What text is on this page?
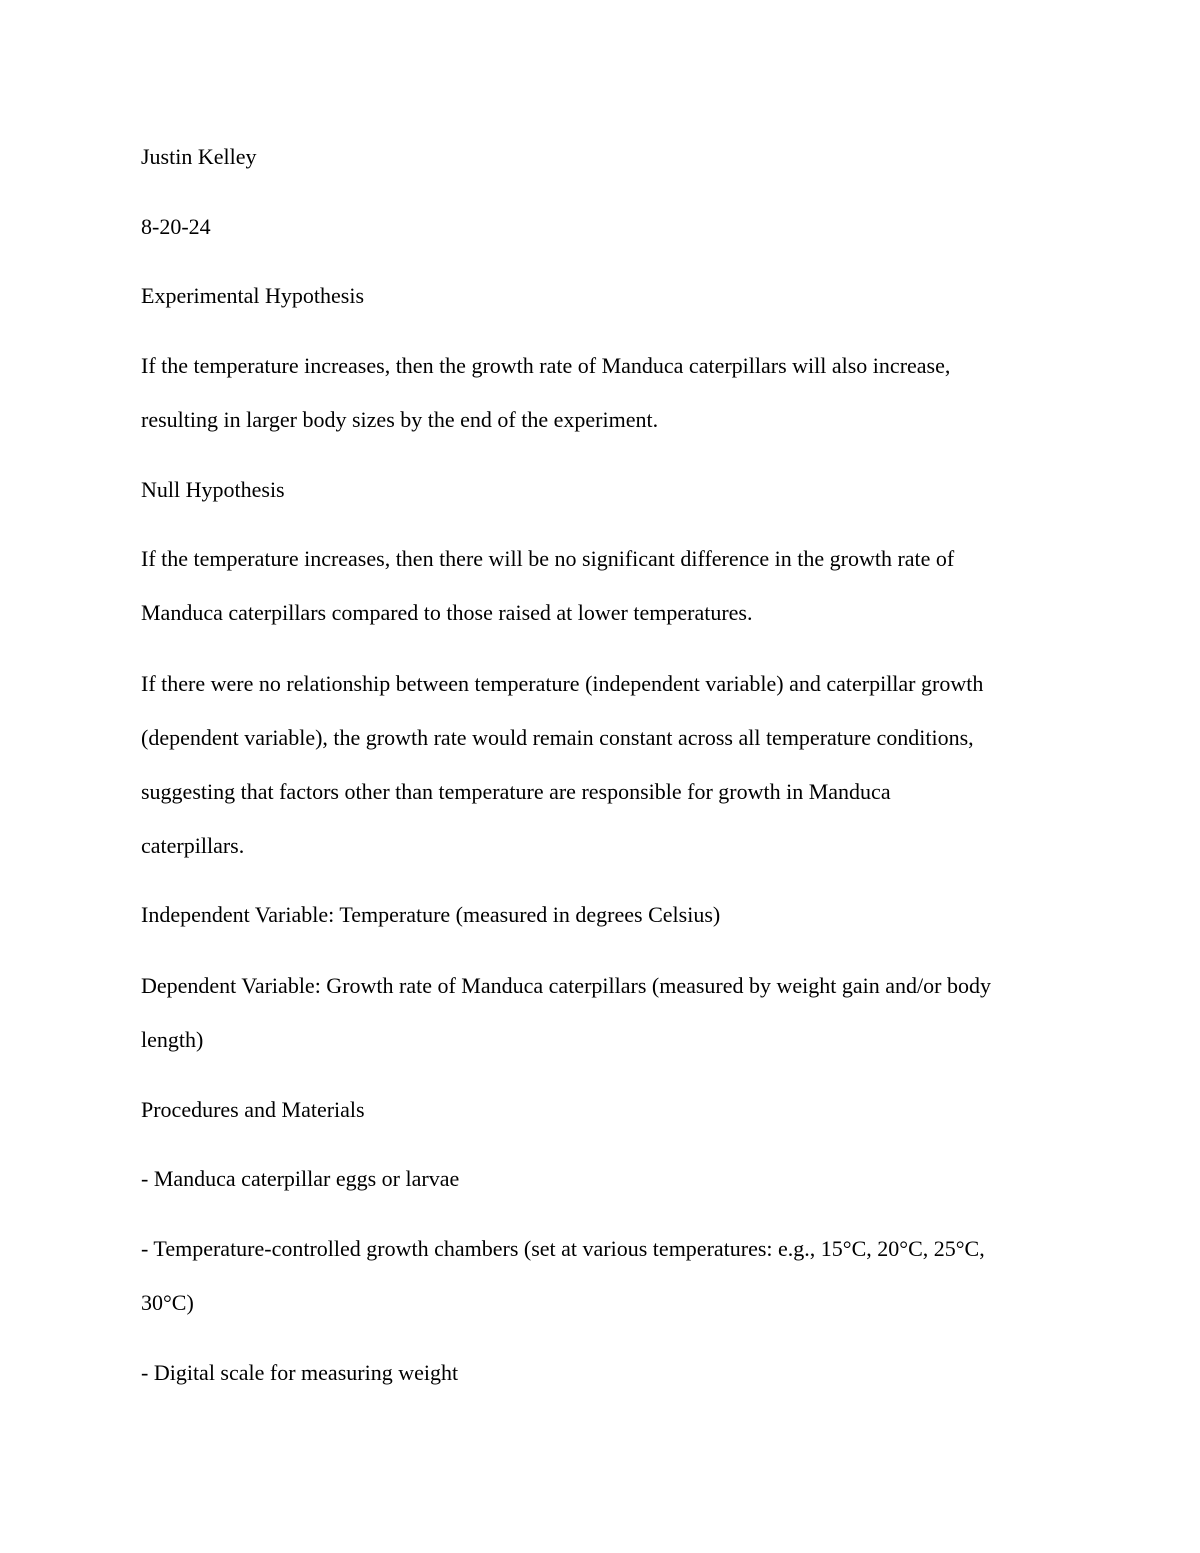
Justin Kelley

8-20-24

Experimental Hypothesis

If the temperature increases, then the growth rate of Manduca caterpillars will also increase,

resulting in larger body sizes by the end of the experiment.

Null Hypothesis

If the temperature increases, then there will be no significant difference in the growth rate of

Manduca caterpillars compared to those raised at lower temperatures.

If there were no relationship between temperature (independent variable) and caterpillar growth

(dependent variable), the growth rate would remain constant across all temperature conditions,

suggesting that factors other than temperature are responsible for growth in Manduca

caterpillars.

Independent Variable: Temperature (measured in degrees Celsius)

Dependent Variable: Growth rate of Manduca caterpillars (measured by weight gain and/or body

length)

Procedures and Materials

- Manduca caterpillar eggs or larvae

- Temperature-controlled growth chambers (set at various temperatures: e.g., 15°C, 20°C, 25°C,

30°C)

- Digital scale for measuring weight
